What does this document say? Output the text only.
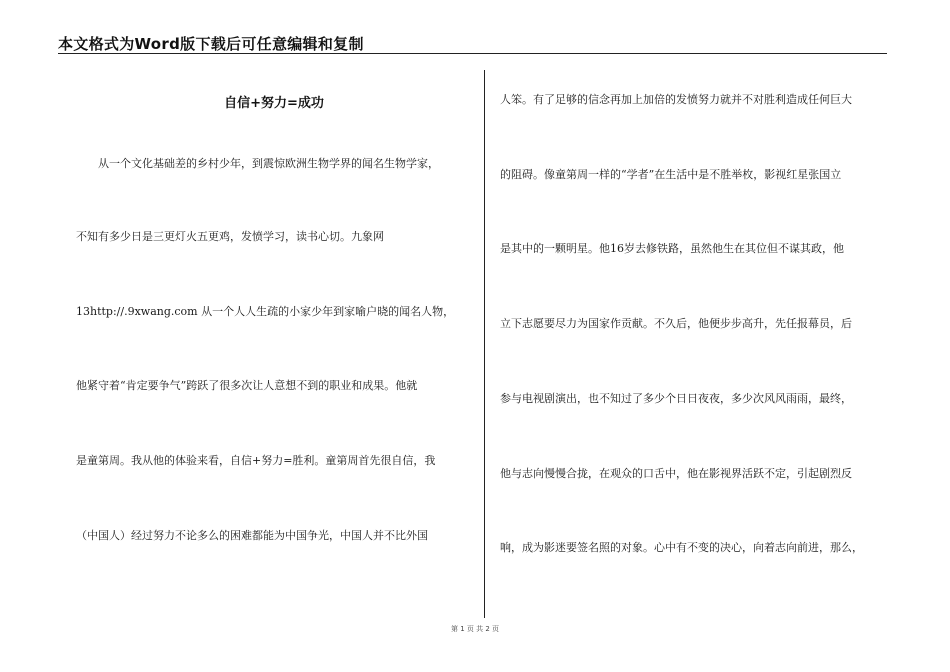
本文格式为Word版下载后可任意编辑和复制
自信+努力=成功
从一个文化基础差的乡村少年，到震惊欧洲生物学界的闻名生物学家，
不知有多少日是三更灯火五更鸡，发愤学习，读书心切。九象网
13http://.9xwang.com 从一个人人生疏的小家少年到家喻户晓的闻名人物，
他紧守着“肯定要争气”跨跃了很多次让人意想不到的职业和成果。他就
是童第周。我从他的体验来看，自信+努力=胜利。童第周首先很自信，我
（中国人）经过努力不论多么的困难都能为中国争光，中国人并不比外国
人笨。有了足够的信念再加上加倍的发愤努力就并不对胜利造成任何巨大
的阻碍。像童第周一样的“学者”在生活中是不胜举枚，影视红星张国立
是其中的一颗明星。他16岁去修铁路，虽然他生在其位但不谋其政，他
立下志愿要尽力为国家作贡献。不久后，他便步步高升，先任报幕员，后
参与电视剧演出，也不知过了多少个日日夜夜，多少次风风雨雨，最终，
他与志向慢慢合拢，在观众的口舌中，他在影视界活跃不定，引起剧烈反
响，成为影迷要签名照的对象。心中有不变的决心，向着志向前进，那么，
第 1 页 共 2 页
